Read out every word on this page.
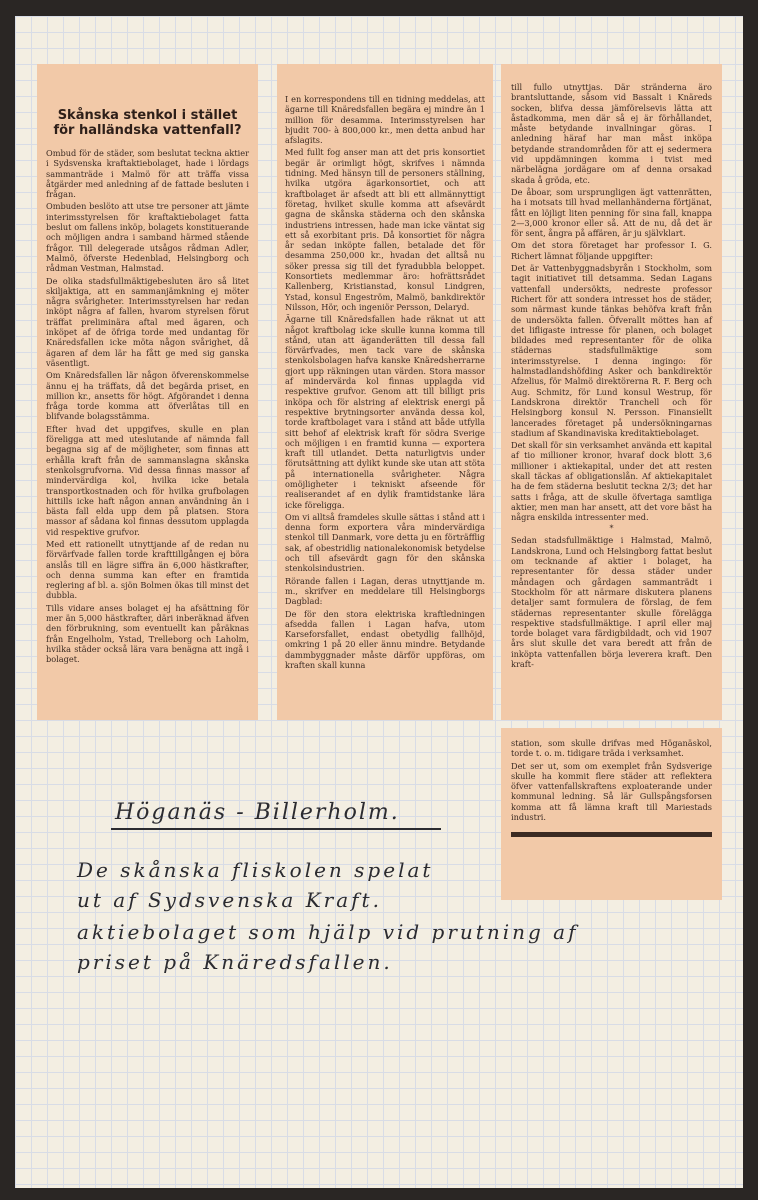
Skånska stenkol i stället för halländska vattenfall?

Ombud för de städer, som beslutat teckna aktier i Sydsvenska kraftaktiebolaget, hade i lördags sammanträde i Malmö för att träffa vissa åtgärder med anledning af de fattade besluten i frågan.

Ombuden beslöto att utse tre personer att jämte interimsstyrelsen för kraftaktiebolaget fatta beslut om fallens inköp, bolagets konstituerande och möjligen andra i samband härmed stående frågor. Till delegerade utsågos rådman Adler, Malmö, öfverste Hedenblad, Helsingborg och rådman Vestman, Halmstad.

De olika stadsfullmäktigebesluten äro så litet skiljaktiga, att en sammanjämkning ej möter några svårigheter. Interimsstyrelsen har redan inköpt några af fallen, hvarom styrelsen förut träffat preliminära aftal med ägaren, och inköpet af de öfriga torde med undantag för Knäredsfallen icke möta någon svårighet, då ägaren af dem lär ha fått ge med sig ganska väsentligt.

Om Knäredsfallen lär någon öfverenskommelse ännu ej ha träffats, då det begärda priset, en million kr., ansetts för högt. Afgörandet i denna fråga torde komma att öfverlåtas till en blifvande bolagsstämma.

Efter hvad det uppgifves, skulle en plan föreligga att med uteslutande af nämnda fall begagna sig af de möjligheter, som finnas att erhålla kraft från de sammanslagna skånska stenkolsgrufvorna. Vid dessa finnas massor af mindervärdiga kol, hvilka icke betala transportkostnaden och för hvilka grufbolagen hittills icke haft någon annan användning än i bästa fall elda upp dem på platsen. Stora massor af sådana kol finnas dessutom upplagda vid respektive grufvor.

Med ett rationellt utnyttjande af de redan nu förvärfvade fallen torde krafttillgången ej böra anslås till en lägre siffra än 6,000 hästkrafter, och denna summa kan efter en framtida reglering af bl. a. sjön Bolmen ökas till minst det dubbla.

Tills vidare anses bolaget ej ha afsättning för mer än 5,000 hästkrafter, däri inberäknad äfven den förbrukning, som eventuellt kan påräknas från Engelholm, Ystad, Trelleborg och Laholm, hvilka städer också lära vara benägna att ingå i bolaget.

I en korrespondens till en tidning meddelas, att ägarne till Knäredsfallen begära ej mindre än 1 million för desamma. Interimsstyrelsen har bjudit 700- à 800,000 kr., men detta anbud har afslagits.

Med fullt fog anser man att det pris konsortiet begär är orimligt högt, skrifves i nämnda tidning. Med hänsyn till de personers ställning, hvilka utgöra ägarkonsortiet, och att kraftbolaget är afsedt att bli ett allmännyttigt företag, hvilket skulle komma att afsevärdt gagna de skånska städerna och den skånska industriens intressen, hade man icke väntat sig ett så exorbitant pris. Då konsortiet för några år sedan inköpte fallen, betalade det för desamma 250,000 kr., hvadan det alltså nu söker pressa sig till det fyradubbla beloppet. Konsortiets medlemmar äro: hofrättsrådet Kallenberg, Kristianstad, konsul Lindgren, Ystad, konsul Engeström, Malmö, bankdirektör Nilsson, Hör, och ingeniör Persson, Delaryd.

Ägarne till Knäredsfallen hade räknat ut att något kraftbolag icke skulle kunna komma till stånd, utan att äganderätten till dessa fall förvärfvades, men tack vare de skånska stenkolsbolagen hafva kanske Knäredsherrarne gjort upp räkningen utan värden. Stora massor af mindervärda kol finnas upplagda vid respektive grufvor. Genom att till billigt pris inköpa och för alstring af elektrisk energi på respektive brytningsorter använda dessa kol, torde kraftbolaget vara i stånd att både utfylla sitt behof af elektrisk kraft för södra Sverige och möjligen i en framtid kunna — exportera kraft till utlandet. Detta naturligtvis under förutsättning att dylikt kunde ske utan att stöta på internationella svårigheter. Några omöjligheter i tekniskt afseende för realiserandet af en dylik framtidstanke lära icke föreligga.

Om vi alltså framdeles skulle sättas i stånd att i denna form exportera våra mindervärdiga stenkol till Danmark, vore detta ju en förträfflig sak, af obestridlig nationalekonomisk betydelse och till afsevärdt gagn för den skånska stenkolsindustrien.

Rörande fallen i Lagan, deras utnyttjande m. m., skrifver en meddelare till Helsingborgs Dagblad:

De för den stora elektriska kraftledningen afsedda fallen i Lagan hafva, utom Karseforsfallet, endast obetydlig fallhöjd, omkring 1 på 20 eller ännu mindre. Betydande dammbyggnader måste därför uppföras, om kraften skall kunna

till fullo utnyttjas. Där stränderna äro brantsluttande, såsom vid Bassalt i Knäreds socken, blifva dessa jämförelsevis lätta att åstadkomma, men där så ej är förhållandet, måste betydande invallningar göras. I anledning häraf har man måst inköpa betydande strandområden för att ej sedermera vid uppdämningen komma i tvist med närbelägna jordägare om af denna orsakad skada å gröda, etc.

De åboar, som ursprungligen ägt vattenrätten, ha i motsats till hvad mellanhänderna förtjänat, fått en löjligt liten penning för sina fall, knappa 2—3,000 kronor eller så. Att de nu, då det är för sent, ångra på affären, är ju självklart.

Om det stora företaget har professor I. G. Richert lämnat följande uppgifter:

Det är Vattenbyggnadsbyrån i Stockholm, som tagit initiativet till detsamma. Sedan Lagans vattenfall undersökts, nedreste professor Richert för att sondera intresset hos de städer, som närmast kunde tänkas behöfva kraft från de undersökta fallen. Öfverallt möttes han af det lifligaste intresse för planen, och bolaget bildades med representanter för de olika städernas stadsfullmäktige som interimsstyrelse. I denna ingingo: för halmstadlandshöfding Asker och bankdirektör Afzelius, för Malmö direktörerna R. F. Berg och Aug. Schmitz, för Lund konsul Westrup, för Landskrona direktör Tranchell och för Helsingborg konsul N. Persson. Finansiellt lancerades företaget på undersökningarnas stadium af Skandinaviska kreditaktiebolaget.

Det skall för sin verksamhet använda ett kapital af tio millioner kronor, hvaraf dock blott 3,6 millioner i aktiekapital, under det att resten skall täckas af obligationslån. Af aktiekapitalet ha de fem städerna beslutit teckna 2/3; det har satts i fråga, att de skulle öfvertaga samtliga aktier, men man har ansett, att det vore bäst ha några enskilda intressenter med.

*

Sedan stadsfullmäktige i Halmstad, Malmö, Landskrona, Lund och Helsingborg fattat beslut om tecknande af aktier i bolaget, ha representanter för dessa städer under måndagen och gårdagen sammanträdt i Stockholm för att närmare diskutera planens detaljer samt formulera de förslag, de fem städernas representanter skulle förelägga respektive stadsfullmäktige. I april eller maj torde bolaget vara färdigbildadt, och vid 1907 års slut skulle det vara beredt att från de inköpta vattenfallen börja leverera kraft. Den kraft-

station, som skulle drifvas med Höganäskol, torde t. o. m. tidigare träda i verksamhet.

Det ser ut, som om exemplet från Sydsverige skulle ha kommit flere städer att reflektera öfver vattenfallskraftens exploaterande under kommunal ledning. Så lär Gullspångsforsen komma att få lämna kraft till Mariestads industri.

Höganäs - Billerholm.
De skånska fliskolen spelat
ut af Sydsvenska Kraft.
aktiebolaget som hjälp vid prutning af
priset på Knäredsfallen.
